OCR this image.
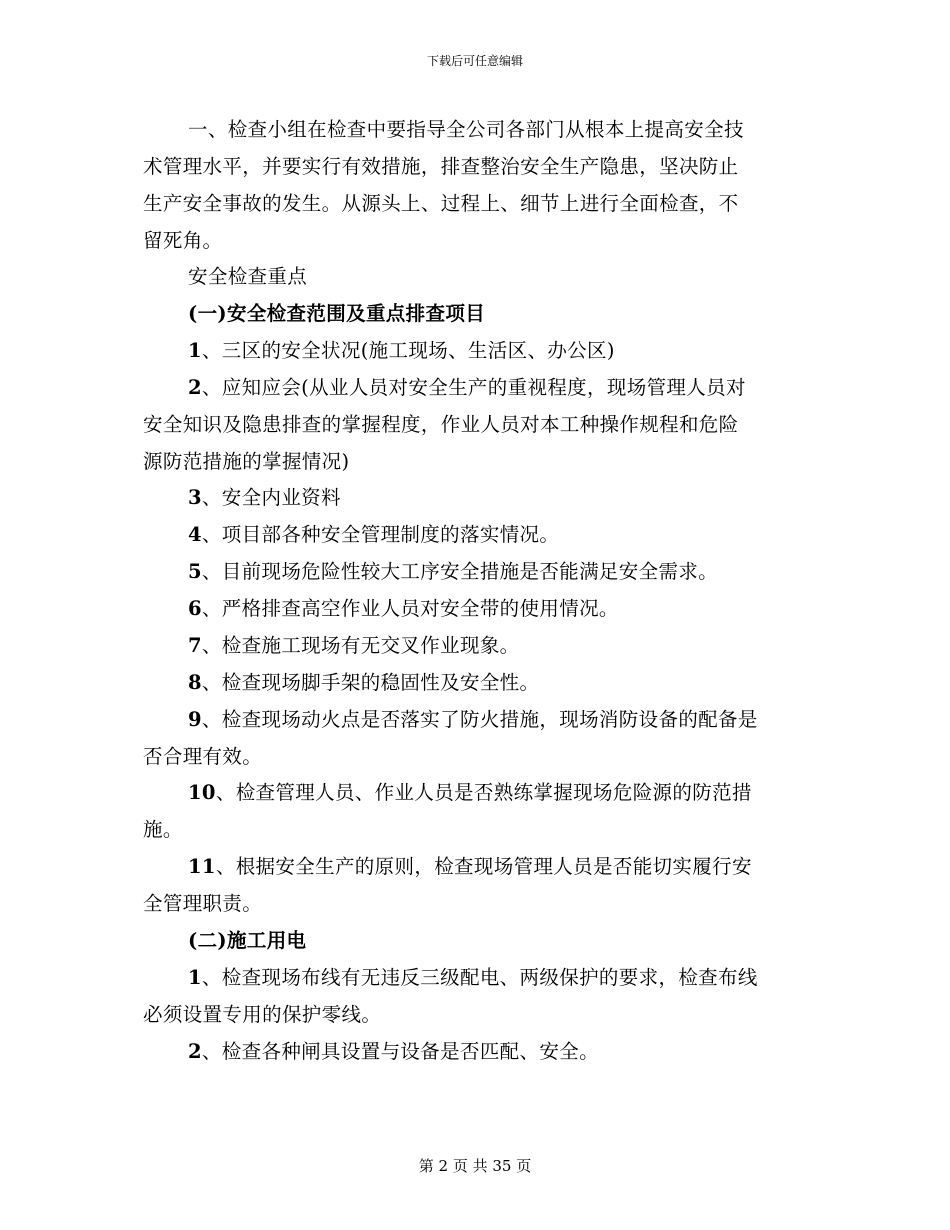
下载后可任意编辑
一、检查小组在检查中要指导全公司各部门从根本上提高安全技
术管理水平，并要实行有效措施，排查整治安全生产隐患，坚决防止
生产安全事故的发生。从源头上、过程上、细节上进行全面检查，不
留死角。
安全检查重点
(一)安全检查范围及重点排查项目
1、三区的安全状况(施工现场、生活区、办公区)
2、应知应会(从业人员对安全生产的重视程度，现场管理人员对
安全知识及隐患排查的掌握程度，作业人员对本工种操作规程和危险
源防范措施的掌握情况)
3、安全内业资料
4、项目部各种安全管理制度的落实情况。
5、目前现场危险性较大工序安全措施是否能满足安全需求。
6、严格排查高空作业人员对安全带的使用情况。
7、检查施工现场有无交叉作业现象。
8、检查现场脚手架的稳固性及安全性。
9、检查现场动火点是否落实了防火措施，现场消防设备的配备是
否合理有效。
10、检查管理人员、作业人员是否熟练掌握现场危险源的防范措
施。
11、根据安全生产的原则，检查现场管理人员是否能切实履行安
全管理职责。
(二)施工用电
1、检查现场布线有无违反三级配电、两级保护的要求，检查布线
必须设置专用的保护零线。
2、检查各种闸具设置与设备是否匹配、安全。
第 2 页 共 35 页
